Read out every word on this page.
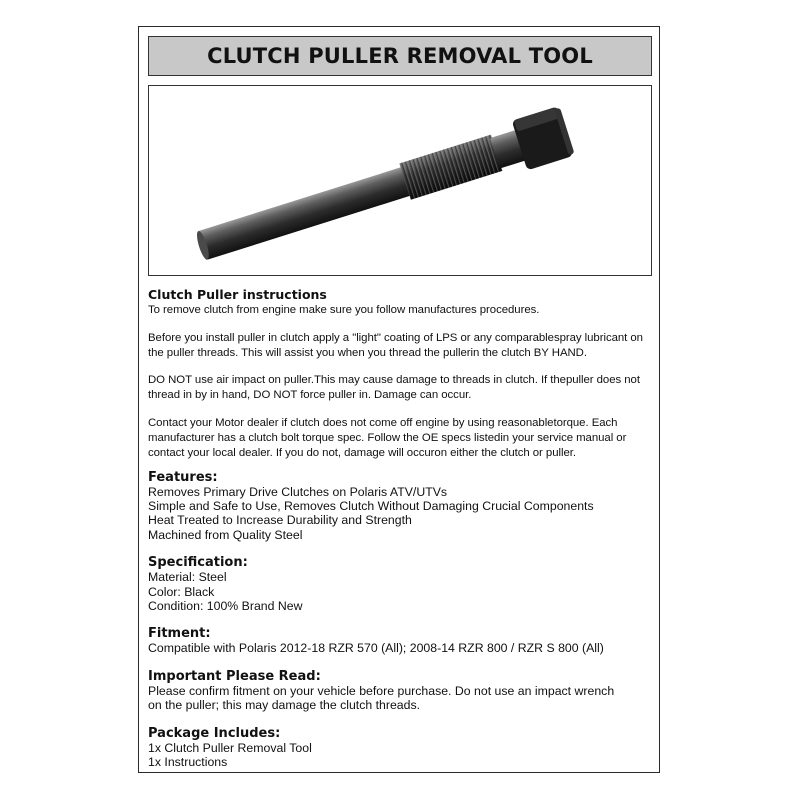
CLUTCH PULLER REMOVAL TOOL
Clutch Puller instructions

To remove clutch from engine make sure you follow manufactures procedures.

Before you install puller in clutch apply a "light" coating of LPS or any comparablespray lubricant on the puller threads. This will assist you when you thread the pullerin the clutch BY HAND.

DO NOT use air impact on puller.This may cause damage to threads in clutch. If thepuller does not thread in by in hand, DO NOT force puller in. Damage can occur.

Contact your Motor dealer if clutch does not come off engine by using reasonabletorque. Each manufacturer has a clutch bolt torque spec. Follow the OE specs listedin your service manual or contact your local dealer. If you do not, damage will occuron either the clutch or puller.

Features:
Removes Primary Drive Clutches on Polaris ATV/UTVs
Simple and Safe to Use, Removes Clutch Without Damaging Crucial Components
Heat Treated to Increase Durability and Strength
Machined from Quality Steel
Specification:
Material: Steel
Color: Black
Condition: 100% Brand New
Fitment:
Compatible with Polaris 2012-18 RZR 570 (All); 2008-14 RZR 800 / RZR S 800 (All)
Important Please Read:
Please confirm fitment on your vehicle before purchase. Do not use an impact wrench
on the puller; this may damage the clutch threads.
Package Includes:
1x Clutch Puller Removal Tool
1x Instructions
